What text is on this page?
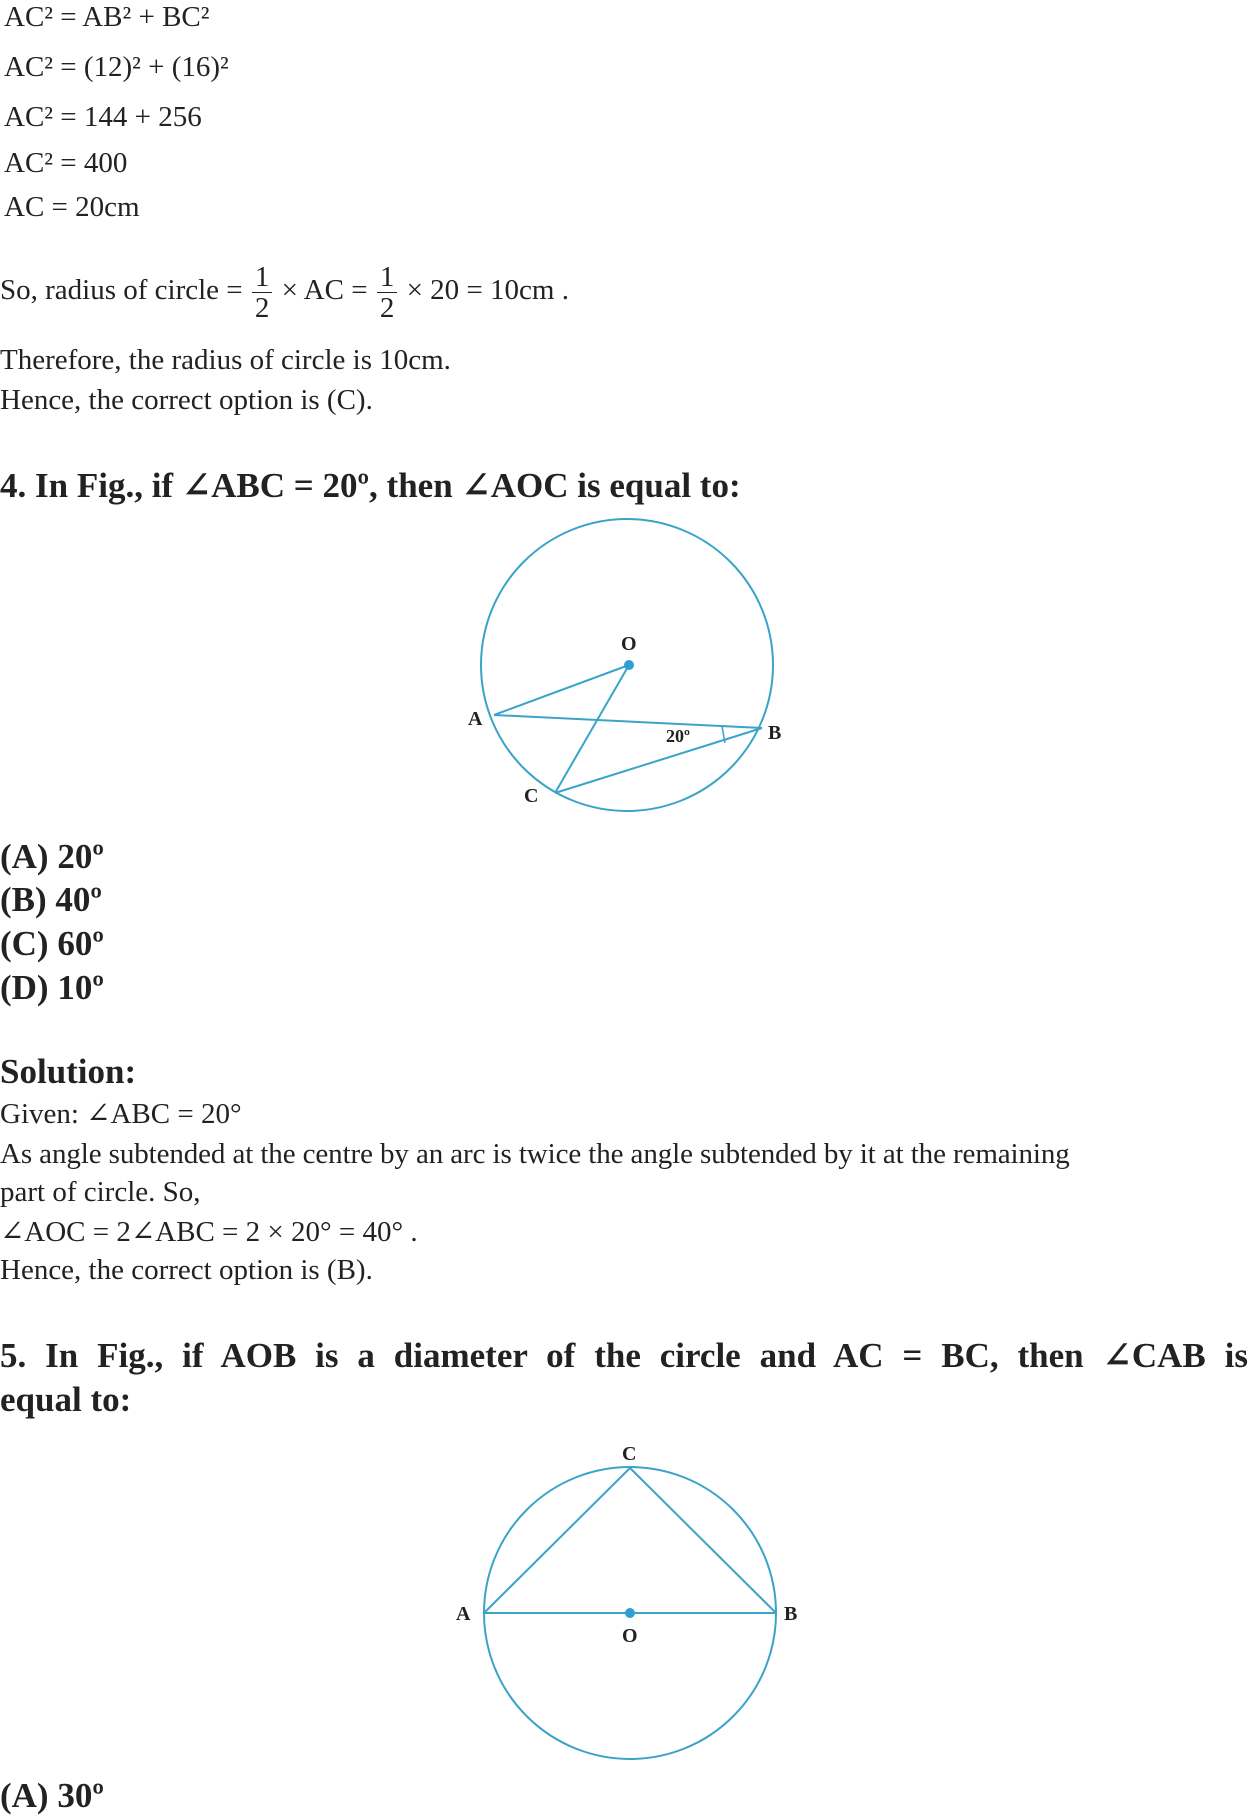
AC² = AB² + BC²
AC² = (12)² + (16)²
AC² = 144 + 256
AC² = 400
AC = 20cm
So, radius of circle = $\frac{1}{2}$ × AC = $\frac{1}{2} \times 20 = 10cm$ .
Therefore, the radius of circle is 10cm.
Hence, the correct option is (C).
4. In Fig., if ∠ABC = 20º, then ∠AOC is equal to:
O
A
B
C
20º
(A) 20º
(B) 40º
(C) 60º
(D) 10º
Solution:
Given: ∠ABC = 20°
As angle subtended at the centre by an arc is twice the angle subtended by it at the remaining
part of circle. So,
∠AOC = 2∠ABC = 2 × 20° = 40° .
Hence, the correct option is (B).
5. In Fig., if AOB is a diameter of the circle and AC = BC, then ∠CAB is
equal to:
C
A	B
O
(A) 30º
